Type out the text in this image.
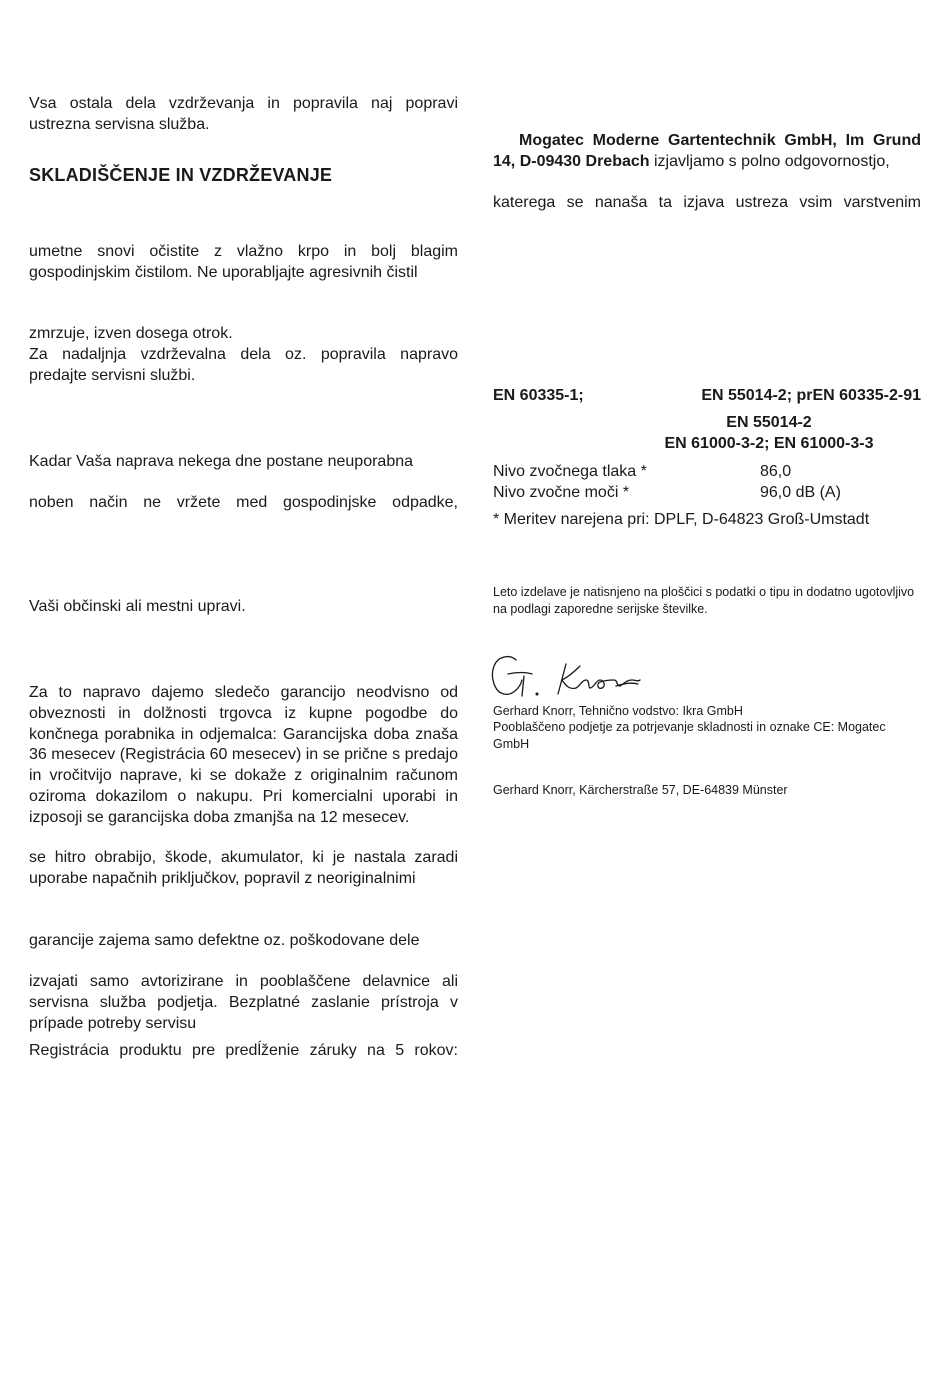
Vsa ostala dela vzdrževanja in popravila naj popravi ustrezna servisna služba.

SKLADIŠČENJE IN VZDRŽEVANJE

umetne snovi očistite z vlažno krpo in bolj blagim gospodinjskim čistilom. Ne uporabljajte agresivnih čistil

zmrzuje, izven dosega otrok.

Za nadaljnja vzdrževalna dela oz. popravila napravo predajte servisni službi.

Kadar Vaša naprava nekega dne postane neuporabna

noben način ne vržete med gospodinjske odpadke,

Vaši občinski ali mestni upravi.

Za to napravo dajemo sledečo garancijo neodvisno od obveznosti in dolžnosti trgovca iz kupne pogodbe do končnega porabnika in odjemalca: Garancijska doba znaša 36 mesecev (Registrácia 60 mesecev) in se prične s predajo in vročitvijo naprave, ki se dokaže z originalnim računom oziroma dokazilom o nakupu. Pri komercialni uporabi in izposoji se garancijska doba zmanjša na 12 mesecev.

se hitro obrabijo, škode, akumulator, ki je nastala zaradi uporabe napačnih priključkov, popravil z neoriginalnimi

garancije zajema samo defektne oz. poškodovane dele

izvajati samo avtorizirane in pooblaščene delavnice ali servisna služba podjetja. Bezplatné zaslanie prístroja v prípade potreby servisu

Registrácia produktu pre predĺženie záruky na 5 rokov:

Mogatec Moderne Gartentechnik GmbH, Im Grund 14, D-09430 Drebach izjavljamo s polno odgovornostjo,

katerega se nanaša ta izjava ustreza vsim varstvenim

EN 60335-1;	EN 55014-2; prEN 60335-2-91
EN 55014-2
EN 61000-3-2; EN 61000-3-3
Nivo zvočnega tlaka *	86,0
Nivo zvočne moči *	96,0 dB (A)

* Meritev narejena pri: DPLF, D-64823 Groß-Umstadt

Leto izdelave je natisnjeno na ploščici s podatki o tipu in dodatno ugotovljivo na podlagi zaporedne serijske številke.

Gerhard Knorr, Tehnično vodstvo: Ikra GmbH

Pooblaščeno podjetje za potrjevanje skladnosti in oznake CE: Mogatec GmbH

Gerhard Knorr, Kärcherstraße 57, DE-64839 Münster
